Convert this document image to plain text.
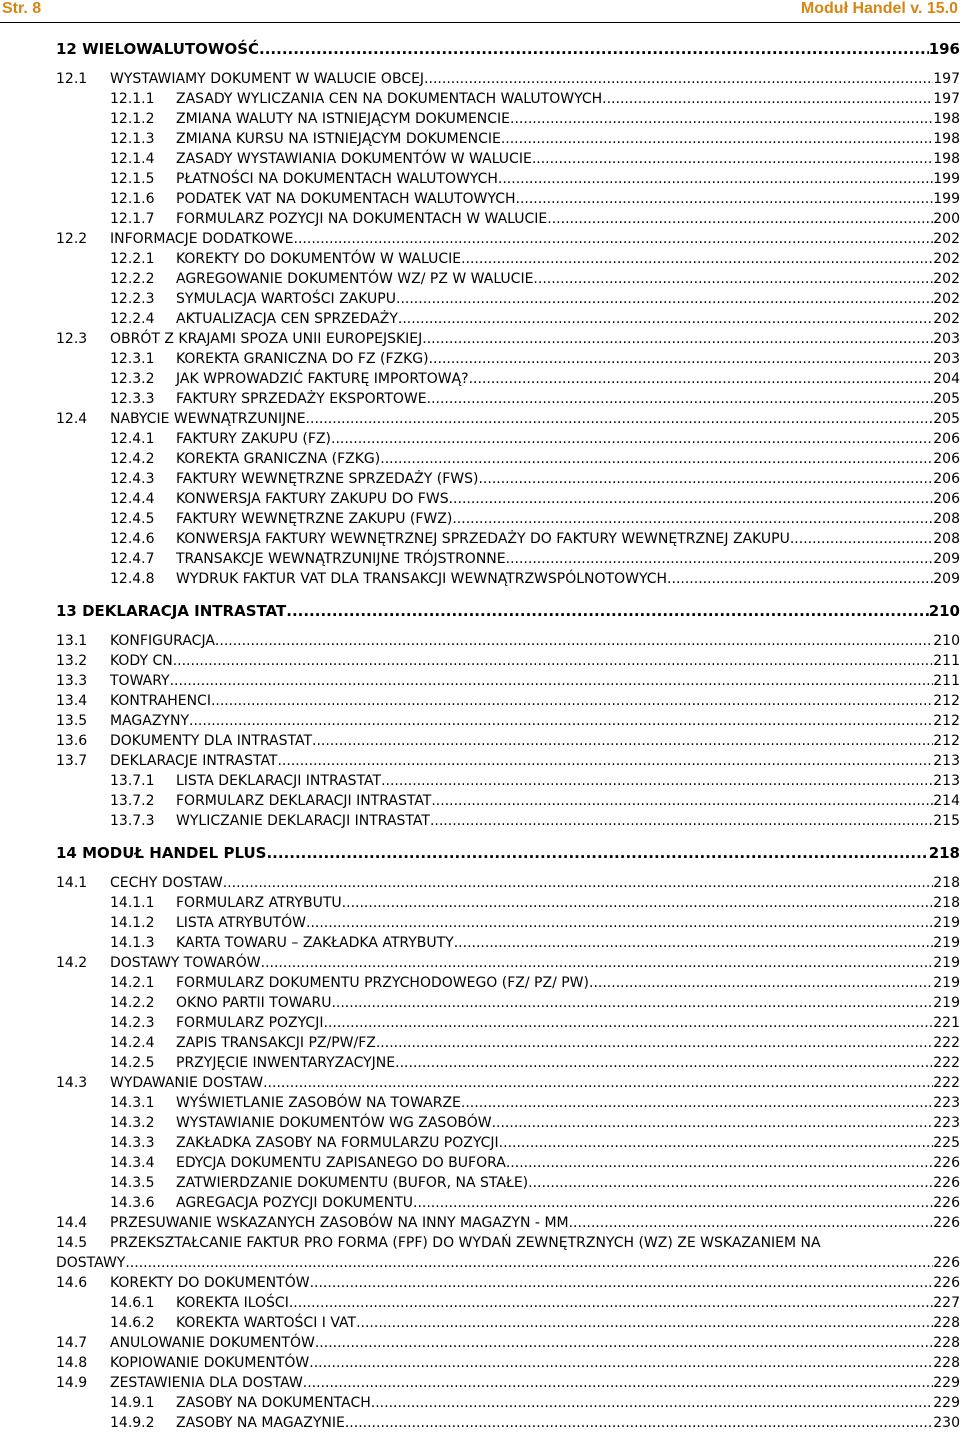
Str. 8	Moduł Handel v. 15.0
12 WIELOWALUTOWOŚĆ .....	196
12.1	WYSTAWIAMY DOKUMENT W WALUCIE OBCEJ .....	197
12.1.1	ZASADY WYLICZANIA CEN NA DOKUMENTACH WALUTOWYCH .....	197
12.1.2	ZMIANA WALUTY NA ISTNIEJĄCYM DOKUMENCIE .....	198
12.1.3	ZMIANA KURSU NA ISTNIEJĄCYM DOKUMENCIE .....	198
12.1.4	ZASADY WYSTAWIANIA DOKUMENTÓW W WALUCIE .....	198
12.1.5	PŁATNOŚCI NA DOKUMENTACH WALUTOWYCH .....	199
12.1.6	PODATEK VAT NA DOKUMENTACH WALUTOWYCH .....	199
12.1.7	FORMULARZ POZYCJI NA DOKUMENTACH W WALUCIE .....	200
12.2	INFORMACJE DODATKOWE .....	202
12.2.1	KOREKTY DO DOKUMENTÓW W WALUCIE .....	202
12.2.2	AGREGOWANIE DOKUMENTÓW WZ/ PZ W WALUCIE .....	202
12.2.3	SYMULACJA WARTOŚCI ZAKUPU .....	202
12.2.4	AKTUALIZACJA CEN SPRZEDAŻY .....	202
12.3	OBRÓT Z KRAJAMI SPOZA UNII EUROPEJSKIEJ .....	203
12.3.1	KOREKTA GRANICZNA DO FZ (FZKG) .....	203
12.3.2	JAK WPROWADZIĆ FAKTURĘ IMPORTOWĄ? .....	204
12.3.3	FAKTURY SPRZEDAŻY EKSPORTOWE .....	205
12.4	NABYCIE WEWNĄTRZUNIJNE .....	205
12.4.1	FAKTURY ZAKUPU (FZ) .....	206
12.4.2	KOREKTA GRANICZNA (FZKG) .....	206
12.4.3	FAKTURY WEWNĘTRZNE SPRZEDAŻY (FWS) .....	206
12.4.4	KONWERSJA FAKTURY ZAKUPU DO FWS .....	206
12.4.5	FAKTURY WEWNĘTRZNE ZAKUPU (FWZ) .....	208
12.4.6	KONWERSJA FAKTURY WEWNĘTRZNEJ SPRZEDAŻY DO FAKTURY WEWNĘTRZNEJ ZAKUPU .....	208
12.4.7	TRANSAKCJE WEWNĄTRZUNIJNE TRÓJSTRONNE .....	209
12.4.8	WYDRUK FAKTUR VAT DLA TRANSAKCJI WEWNĄTRZWSPÓLNOTOWYCH .....	209
13 DEKLARACJA INTRASTAT .....	210
13.1	KONFIGURACJA .....	210
13.2	KODY CN .....	211
13.3	TOWARY .....	211
13.4	KONTRAHENCI .....	212
13.5	MAGAZYNY .....	212
13.6	DOKUMENTY DLA INTRASTAT .....	212
13.7	DEKLARACJE INTRASTAT .....	213
13.7.1	LISTA DEKLARACJI INTRASTAT .....	213
13.7.2	FORMULARZ DEKLARACJI INTRASTAT .....	214
13.7.3	WYLICZANIE DEKLARACJI INTRASTAT .....	215
14 MODUŁ HANDEL PLUS .....	218
14.1	CECHY DOSTAW .....	218
14.1.1	FORMULARZ ATRYBUTU .....	218
14.1.2	LISTA ATRYBUTÓW .....	219
14.1.3	KARTA TOWARU – ZAKŁADKA ATRYBUTY .....	219
14.2	DOSTAWY TOWARÓW .....	219
14.2.1	FORMULARZ DOKUMENTU PRZYCHODOWEGO (FZ/ PZ/ PW) .....	219
14.2.2	OKNO PARTII TOWARU .....	219
14.2.3	FORMULARZ POZYCJI .....	221
14.2.4	ZAPIS TRANSAKCJI PZ/PW/FZ .....	222
14.2.5	PRZYJĘCIE INWENTARYZACYJNE .....	222
14.3	WYDAWANIE DOSTAW .....	222
14.3.1	WYŚWIETLANIE ZASOBÓW NA TOWARZE .....	223
14.3.2	WYSTAWIANIE DOKUMENTÓW WG ZASOBÓW .....	223
14.3.3	ZAKŁADKA ZASOBY NA FORMULARZU POZYCJI .....	225
14.3.4	EDYCJA DOKUMENTU ZAPISANEGO DO BUFORA .....	226
14.3.5	ZATWIERDZANIE DOKUMENTU (BUFOR, NA STAŁE) .....	226
14.3.6	AGREGACJA POZYCJI DOKUMENTU .....	226
14.4	PRZESUWANIE WSKAZANYCH ZASOBÓW NA INNY MAGAZYN - MM .....	226
14.5 PRZEKSZTAŁCANIE FAKTUR PRO FORMA (FPF) DO WYDAŃ ZEWNĘTRZNYCH (WZ) ZE WSKAZANIEM NA
DOSTAWY .....	226
14.6	KOREKTY DO DOKUMENTÓW .....	226
14.6.1	KOREKTA ILOŚCI .....	227
14.6.2	KOREKTA WARTOŚCI I VAT .....	228
14.7	ANULOWANIE DOKUMENTÓW .....	228
14.8	KOPIOWANIE DOKUMENTÓW .....	228
14.9	ZESTAWIENIA DLA DOSTAW .....	229
14.9.1	ZASOBY NA DOKUMENTACH .....	229
14.9.2	ZASOBY NA MAGAZYNIE .....	230
